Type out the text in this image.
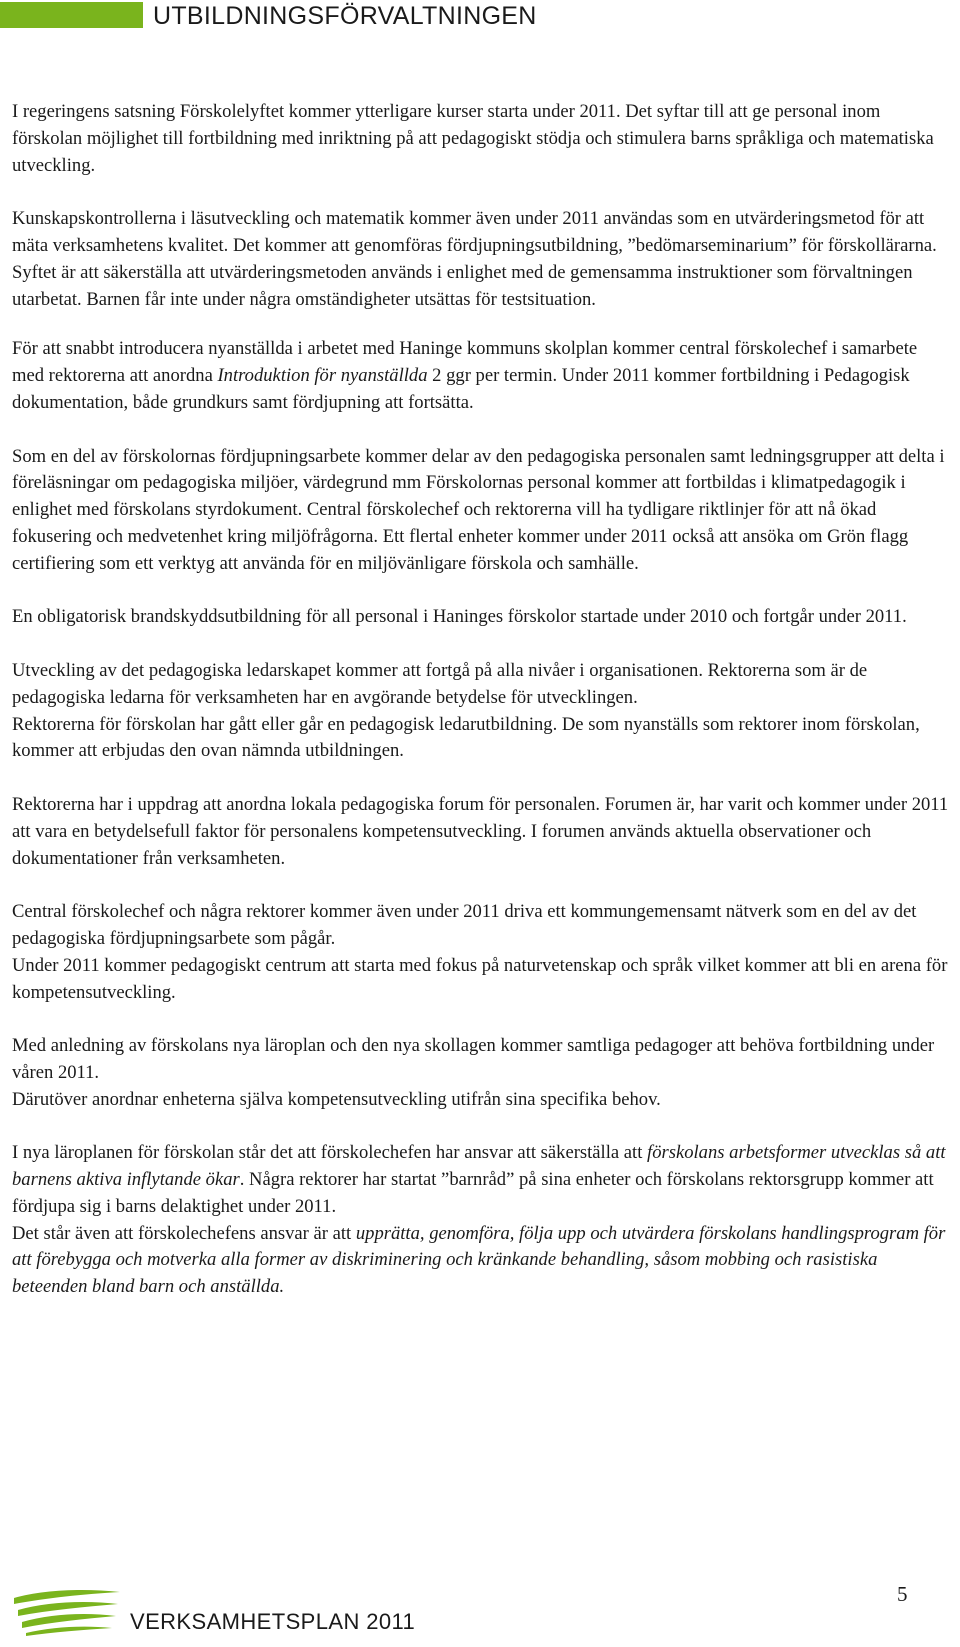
UTBILDNINGSFÖRVALTNINGEN

I regeringens satsning Förskolelyftet kommer ytterligare kurser starta under 2011. Det syftar till att ge personal inom förskolan möjlighet till fortbildning med inriktning på att pedagogiskt stödja och stimulera barns språkliga och matematiska utveckling.

Kunskapskontrollerna i läsutveckling och matematik kommer även under 2011 användas som en utvärderingsmetod för att mäta verksamhetens kvalitet. Det kommer att genomföras fördjupningsutbildning, ”bedömarseminarium” för förskollärarna. Syftet är att säkerställa att utvärderingsmetoden används i enlighet med de gemensamma instruktioner som förvaltningen utarbetat. Barnen får inte under några omständigheter utsättas för testsituation.

För att snabbt introducera nyanställda i arbetet med Haninge kommuns skolplan kommer central förskolechef i samarbete med rektorerna att anordna Introduktion för nyanställda 2 ggr per termin. Under 2011 kommer fortbildning i Pedagogisk dokumentation, både grundkurs samt fördjupning att fortsätta.

Som en del av förskolornas fördjupningsarbete kommer delar av den pedagogiska personalen samt ledningsgrupper att delta i föreläsningar om pedagogiska miljöer, värdegrund mm Förskolornas personal kommer att fortbildas i klimatpedagogik i enlighet med förskolans styrdokument. Central förskolechef och rektorerna vill ha tydligare riktlinjer för att nå ökad fokusering och medvetenhet kring miljöfrågorna. Ett flertal enheter kommer under 2011 också att ansöka om Grön flagg certifiering som ett verktyg att använda för en miljövänligare förskola och samhälle.

En obligatorisk brandskyddsutbildning för all personal i Haninges förskolor startade under 2010 och fortgår under 2011.

Utveckling av det pedagogiska ledarskapet kommer att fortgå på alla nivåer i organisationen. Rektorerna som är de pedagogiska ledarna för verksamheten har en avgörande betydelse för utvecklingen.

Rektorerna för förskolan har gått eller går en pedagogisk ledarutbildning. De som nyanställs som rektorer inom förskolan, kommer att erbjudas den ovan nämnda utbildningen.

Rektorerna har i uppdrag att anordna lokala pedagogiska forum för personalen. Forumen är, har varit och kommer under 2011 att vara en betydelsefull faktor för personalens kompetensutveckling. I forumen används aktuella observationer och dokumentationer från verksamheten.

Central förskolechef och några rektorer kommer även under 2011 driva ett kommungemensamt nätverk som en del av det pedagogiska fördjupningsarbete som pågår.

Under 2011 kommer pedagogiskt centrum att starta med fokus på naturvetenskap och språk vilket kommer att bli en arena för kompetensutveckling.

Med anledning av förskolans nya läroplan och den nya skollagen kommer samtliga pedagoger att behöva fortbildning under våren 2011.

Därutöver anordnar enheterna själva kompetensutveckling utifrån sina specifika behov.

I nya läroplanen för förskolan står det att förskolechefen har ansvar att säkerställa att förskolans arbetsformer utvecklas så att barnens aktiva inflytande ökar. Några rektorer har startat ”barnråd” på sina enheter och förskolans rektorsgrupp kommer att fördjupa sig i barns delaktighet under 2011.

Det står även att förskolechefens ansvar är att upprätta, genomföra, följa upp och utvärdera förskolans handlingsprogram för att förebygga och motverka alla former av diskriminering och kränkande behandling, såsom mobbing och rasistiska beteenden bland barn och anställda.

VERKSAMHETSPLAN 2011
5
